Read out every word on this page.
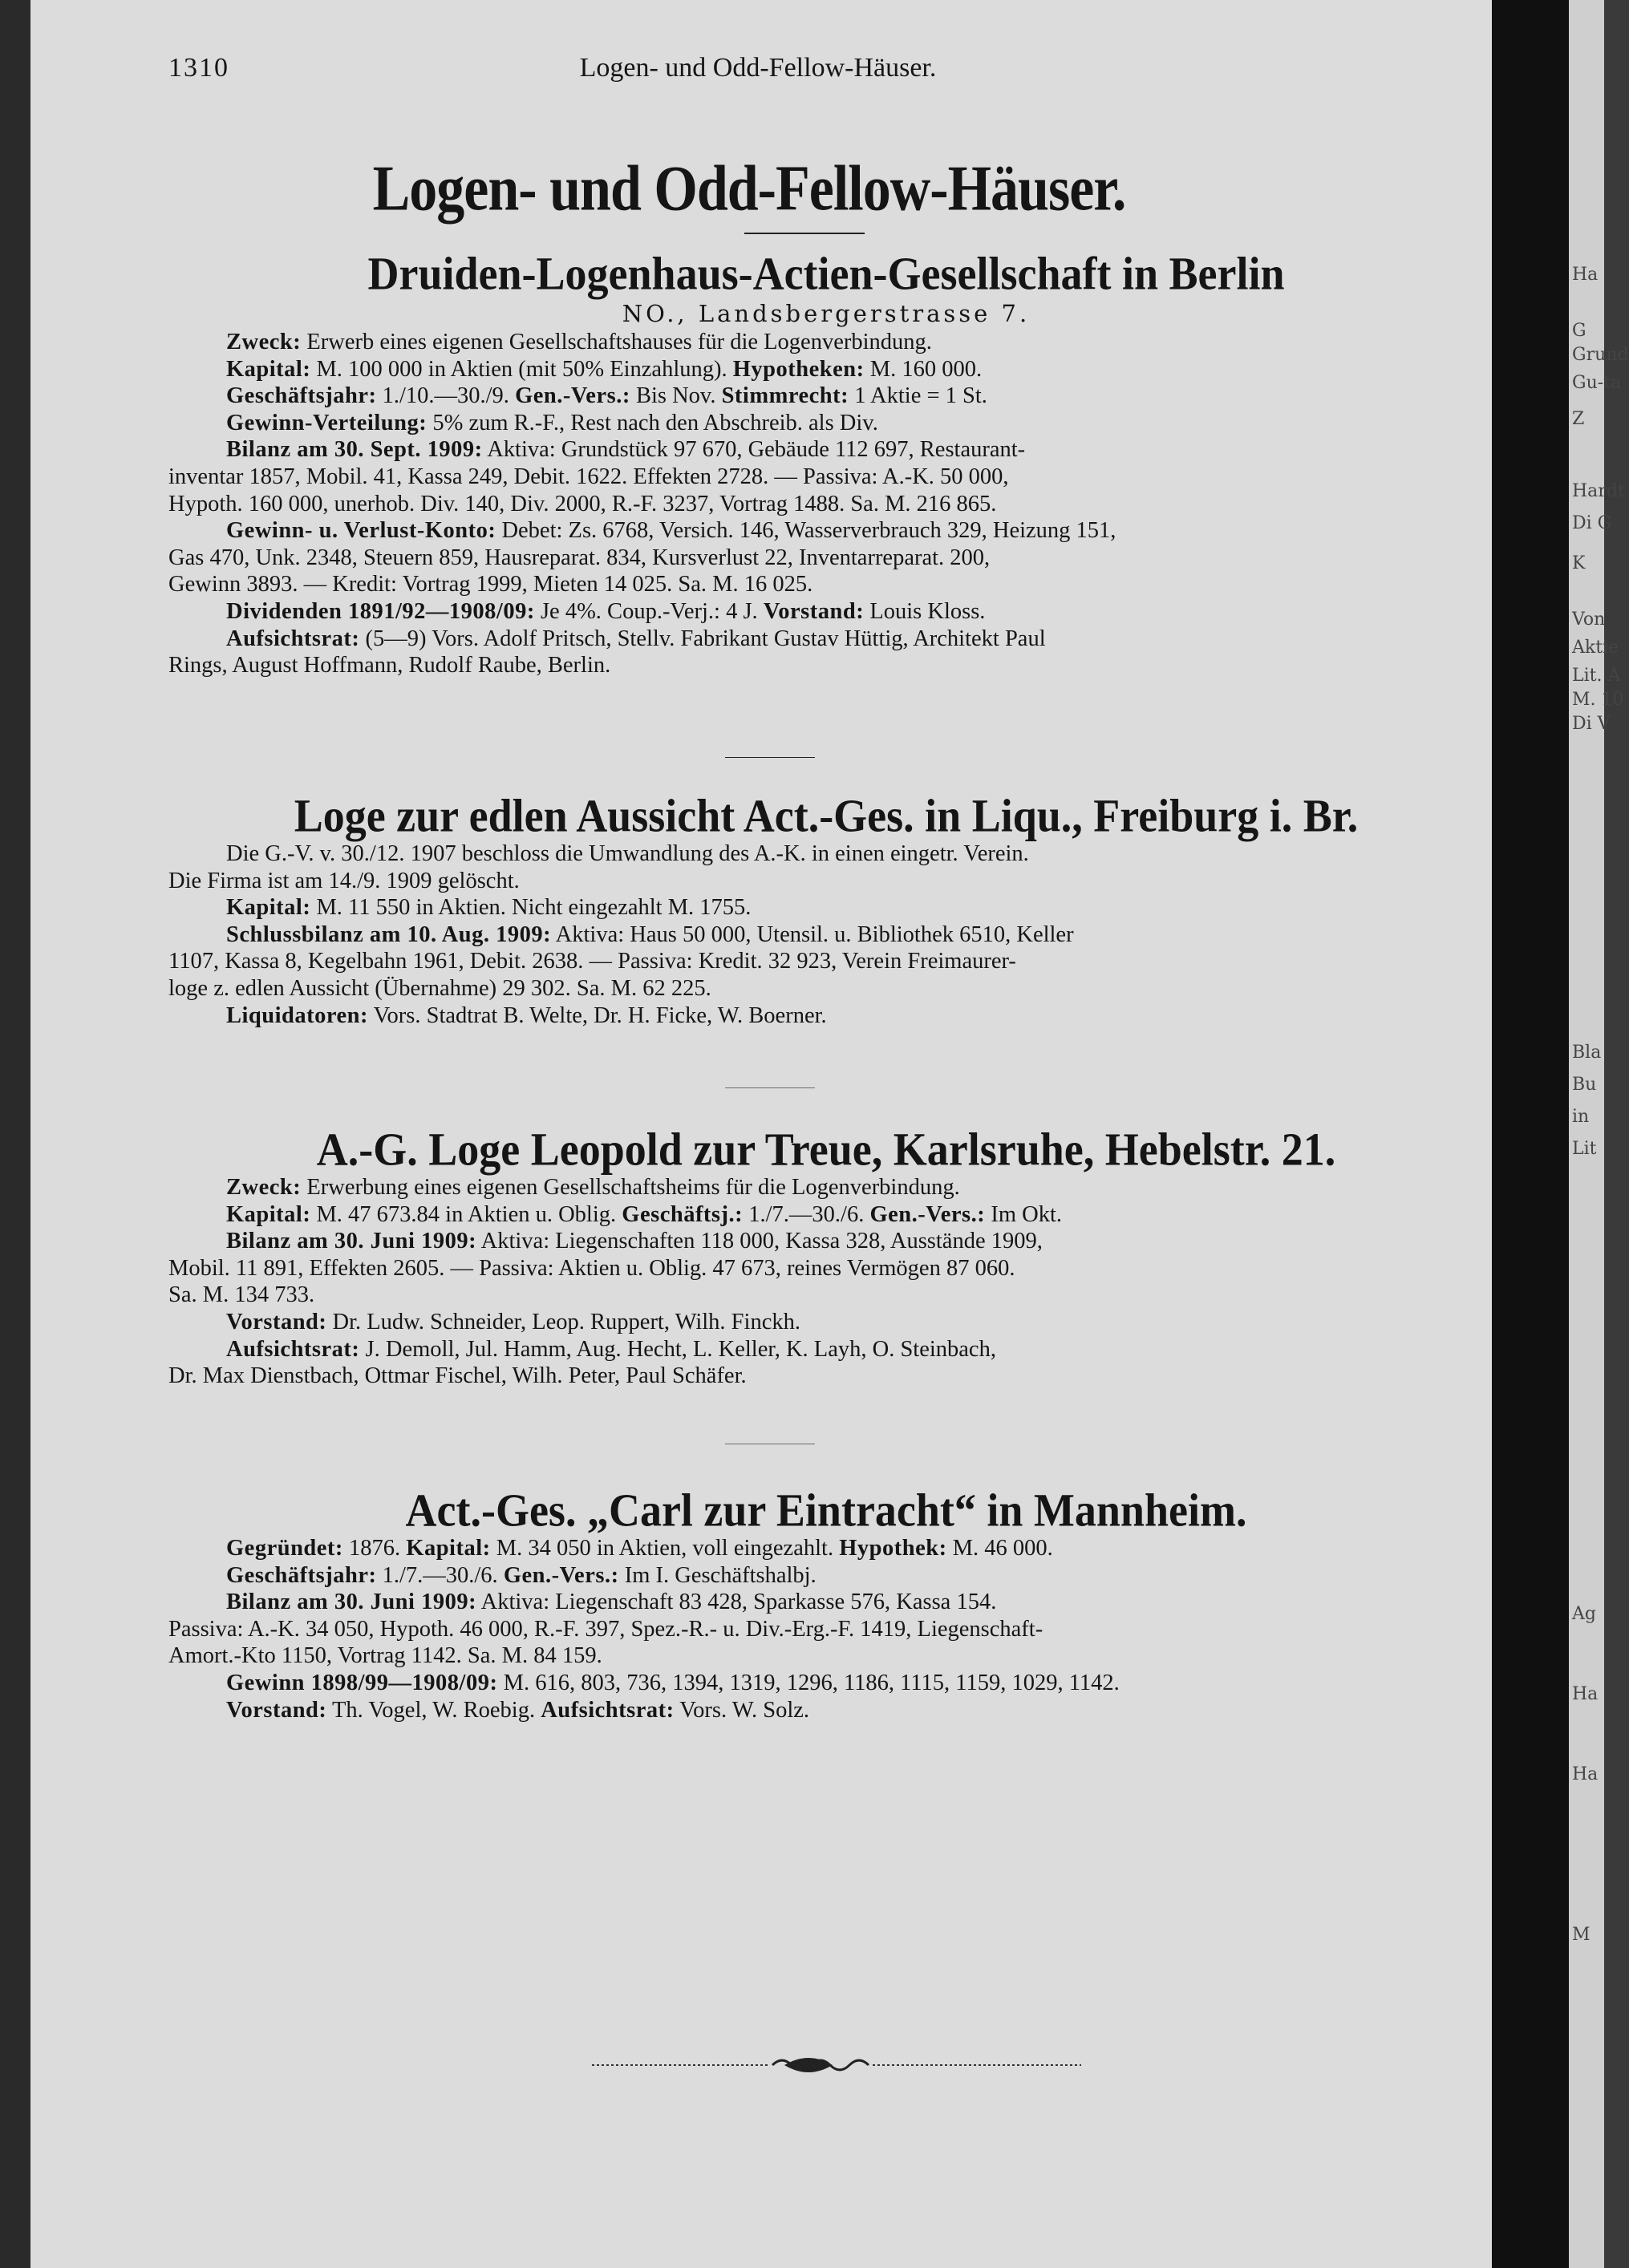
1310	Logen- und Odd-Fellow-Häuser.
Logen- und Odd-Fellow-Häuser.
Druiden-Logenhaus-Actien-Gesellschaft in Berlin
NO., Landsbergerstrasse 7.

Zweck: Erwerb eines eigenen Gesellschaftshauses für die Logenverbindung.

Kapital: M. 100 000 in Aktien (mit 50% Einzahlung). Hypotheken: M. 160 000.

Geschäftsjahr: 1./10.—30./9. Gen.-Vers.: Bis Nov. Stimmrecht: 1 Aktie = 1 St.

Gewinn-Verteilung: 5% zum R.-F., Rest nach den Abschreib. als Div.

Bilanz am 30. Sept. 1909: Aktiva: Grundstück 97 670, Gebäude 112 697, Restaurant-

inventar 1857, Mobil. 41, Kassa 249, Debit. 1622. Effekten 2728. — Passiva: A.-K. 50 000,

Hypoth. 160 000, unerhob. Div. 140, Div. 2000, R.-F. 3237, Vortrag 1488. Sa. M. 216 865.

Gewinn- u. Verlust-Konto: Debet: Zs. 6768, Versich. 146, Wasserverbrauch 329, Heizung 151,

Gas 470, Unk. 2348, Steuern 859, Hausreparat. 834, Kursverlust 22, Inventarreparat. 200,

Gewinn 3893. — Kredit: Vortrag 1999, Mieten 14 025. Sa. M. 16 025.

Dividenden 1891/92—1908/09: Je 4%. Coup.-Verj.: 4 J. Vorstand: Louis Kloss.

Aufsichtsrat: (5—9) Vors. Adolf Pritsch, Stellv. Fabrikant Gustav Hüttig, Architekt Paul

Rings, August Hoffmann, Rudolf Raube, Berlin.

Loge zur edlen Aussicht Act.-Ges. in Liqu., Freiburg i. Br.

Die G.-V. v. 30./12. 1907 beschloss die Umwandlung des A.-K. in einen eingetr. Verein.

Die Firma ist am 14./9. 1909 gelöscht.

Kapital: M. 11 550 in Aktien. Nicht eingezahlt M. 1755.

Schlussbilanz am 10. Aug. 1909: Aktiva: Haus 50 000, Utensil. u. Bibliothek 6510, Keller

1107, Kassa 8, Kegelbahn 1961, Debit. 2638. — Passiva: Kredit. 32 923, Verein Freimaurer-

loge z. edlen Aussicht (Übernahme) 29 302. Sa. M. 62 225.

Liquidatoren: Vors. Stadtrat B. Welte, Dr. H. Ficke, W. Boerner.

A.-G. Loge Leopold zur Treue, Karlsruhe, Hebelstr. 21.

Zweck: Erwerbung eines eigenen Gesellschaftsheims für die Logenverbindung.

Kapital: M. 47 673.84 in Aktien u. Oblig. Geschäftsj.: 1./7.—30./6. Gen.-Vers.: Im Okt.

Bilanz am 30. Juni 1909: Aktiva: Liegenschaften 118 000, Kassa 328, Ausstände 1909,

Mobil. 11 891, Effekten 2605. — Passiva: Aktien u. Oblig. 47 673, reines Vermögen 87 060.

Sa. M. 134 733.

Vorstand: Dr. Ludw. Schneider, Leop. Ruppert, Wilh. Finckh.

Aufsichtsrat: J. Demoll, Jul. Hamm, Aug. Hecht, L. Keller, K. Layh, O. Steinbach,

Dr. Max Dienstbach, Ottmar Fischel, Wilh. Peter, Paul Schäfer.

Act.-Ges. „Carl zur Eintracht“ in Mannheim.

Gegründet: 1876. Kapital: M. 34 050 in Aktien, voll eingezahlt. Hypothek: M. 46 000.

Geschäftsjahr: 1./7.—30./6. Gen.-Vers.: Im I. Geschäftshalbj.

Bilanz am 30. Juni 1909: Aktiva: Liegenschaft 83 428, Sparkasse 576, Kassa 154.

Passiva: A.-K. 34 050, Hypoth. 46 000, R.-F. 397, Spez.-R.- u. Div.-Erg.-F. 1419, Liegenschaft-

Amort.-Kto 1150, Vortrag 1142. Sa. M. 84 159.

Gewinn 1898/99—1908/09: M. 616, 803, 736, 1394, 1319, 1296, 1186, 1115, 1159, 1029, 1142.

Vorstand: Th. Vogel, W. Roebig. Aufsichtsrat: Vors. W. Solz.

Ha
G
Grund
Gu-ta
Z
Hardt
Di G
K
Von
Aktie
Lit. A
M. 10
Di V
Bla
Bu
in
Lit
Ag
Ha
Ha
M
